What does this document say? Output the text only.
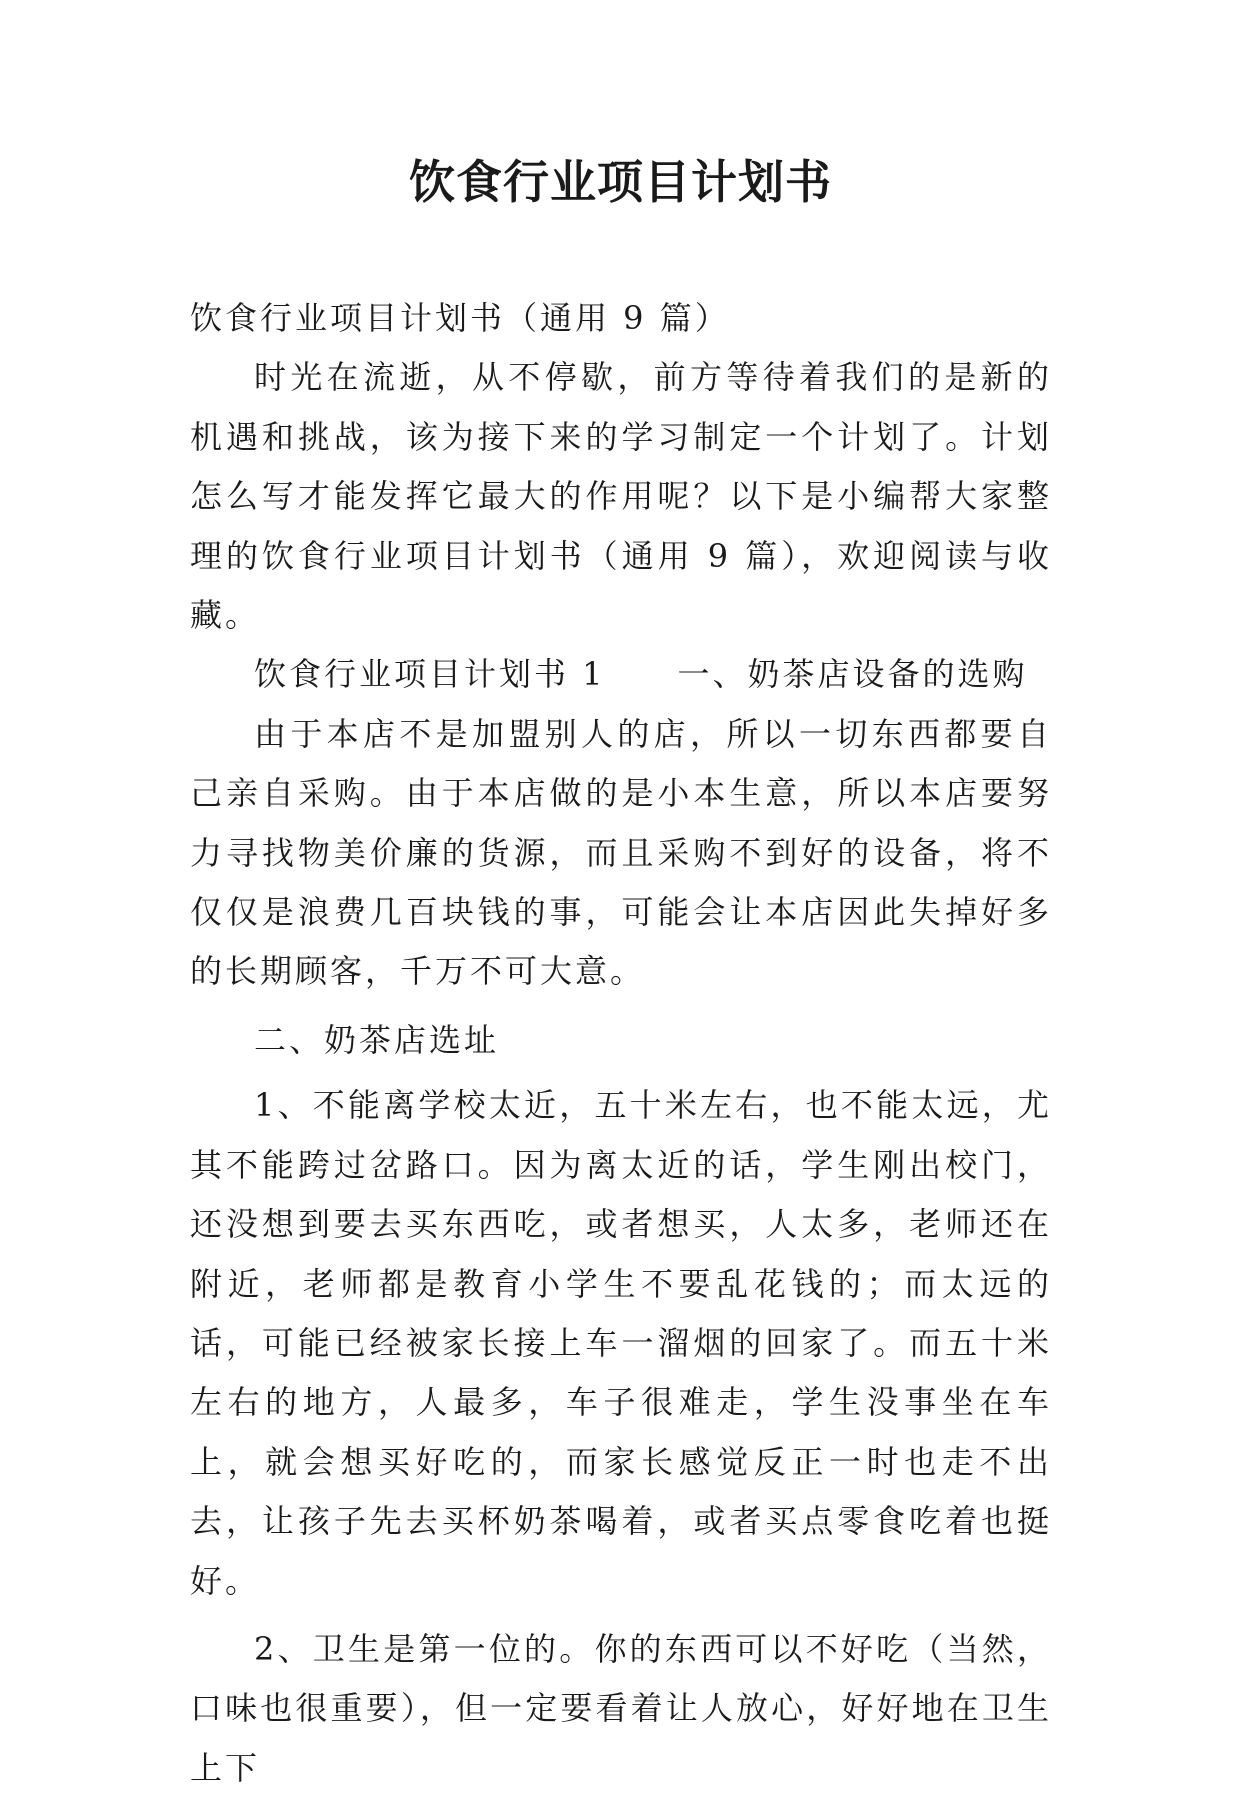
饮食行业项目计划书

饮食行业项目计划书（通用 9 篇）

时光在流逝，从不停歇，前方等待着我们的是新的机遇和挑战，该为接下来的学习制定一个计划了。计划怎么写才能发挥它最大的作用呢？以下是小编帮大家整理的饮食行业项目计划书（通用 9 篇），欢迎阅读与收藏。

饮食行业项目计划书 1 一、奶茶店设备的选购

由于本店不是加盟别人的店，所以一切东西都要自己亲自采购。由于本店做的是小本生意，所以本店要努力寻找物美价廉的货源，而且采购不到好的设备，将不仅仅是浪费几百块钱的事，可能会让本店因此失掉好多的长期顾客，千万不可大意。

二、奶茶店选址

1、不能离学校太近，五十米左右，也不能太远，尤其不能跨过岔路口。因为离太近的话，学生刚出校门，还没想到要去买东西吃，或者想买，人太多，老师还在附近，老师都是教育小学生不要乱花钱的；而太远的话，可能已经被家长接上车一溜烟的回家了。而五十米左右的地方，人最多，车子很难走，学生没事坐在车上，就会想买好吃的，而家长感觉反正一时也走不出去，让孩子先去买杯奶茶喝着，或者买点零食吃着也挺好。

2、卫生是第一位的。你的东西可以不好吃（当然，口味也很重要），但一定要看着让人放心，好好地在卫生上下
